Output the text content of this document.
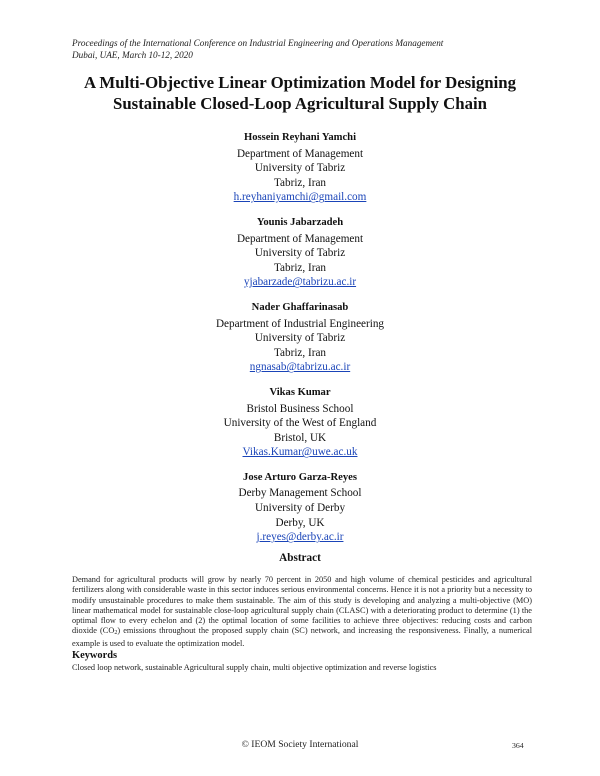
Proceedings of the International Conference on Industrial Engineering and Operations Management
Dubai, UAE, March 10-12, 2020
A Multi-Objective Linear Optimization Model for Designing
Sustainable Closed-Loop Agricultural Supply Chain
Hossein Reyhani Yamchi
Department of Management
University of Tabriz
Tabriz, Iran
h.reyhaniyamchi@gmail.com
Younis Jabarzadeh
Department of Management
University of Tabriz
Tabriz, Iran
yjabarzade@tabrizu.ac.ir
Nader Ghaffarinasab
Department of Industrial Engineering
University of Tabriz
Tabriz, Iran
ngnasab@tabrizu.ac.ir
Vikas Kumar
Bristol Business School
University of the West of England
Bristol, UK
Vikas.Kumar@uwe.ac.uk
Jose Arturo Garza-Reyes
Derby Management School
University of Derby
Derby, UK
j.reyes@derby.ac.ir
Abstract
Demand for agricultural products will grow by nearly 70 percent in 2050 and high volume of chemical pesticides and agricultural fertilizers along with considerable waste in this sector induces serious environmental concerns. Hence it is not a priority but a necessity to modify unsustainable procedures to make them sustainable. The aim of this study is developing and analyzing a multi-objective (MO) linear mathematical model for sustainable close-loop agricultural supply chain (CLASC) with a deteriorating product to determine (1) the optimal flow to every echelon and (2) the optimal location of some facilities to achieve three objectives: reducing costs and carbon dioxide (CO2) emissions throughout the proposed supply chain (SC) network, and increasing the responsiveness. Finally, a numerical example is used to evaluate the optimization model.
Keywords
Closed loop network, sustainable Agricultural supply chain, multi objective optimization and reverse logistics
© IEOM Society International	364
